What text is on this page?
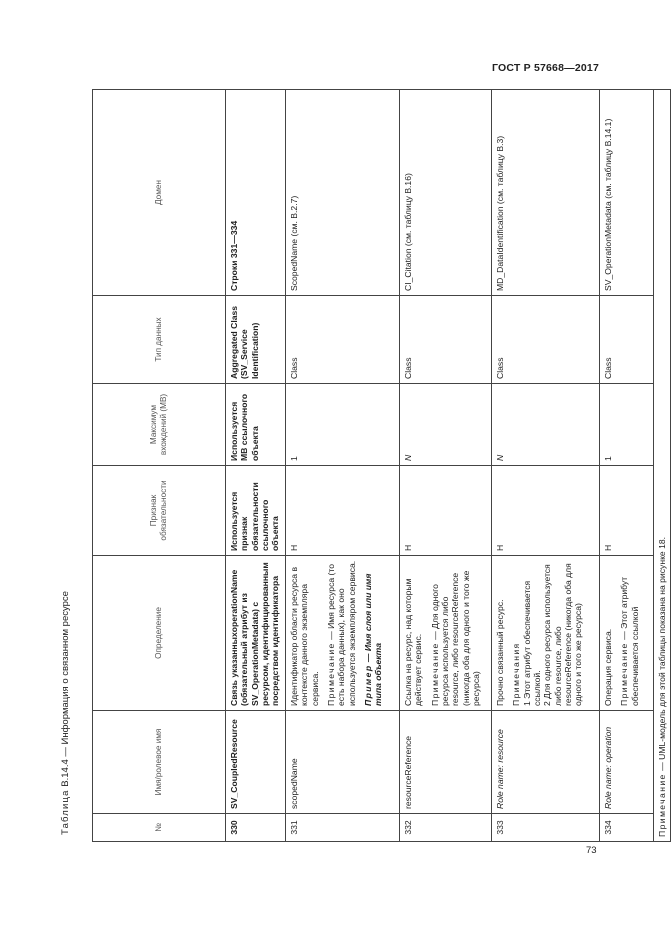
ГОСТ Р 57668—2017
73
Таблица B.14.4 — Информация о связанном ресурсе
№	Имя/ролевое имя	Определение	Признак обязательности	Максимум вхождений (MB)	Тип данных	Домен
330	SV_CoupledResource	Связь указанныхoperationName (обязательный атрибут из SV_OperationMetadata) с ресурсом, идентифицированным посредством идентификатора	Используется признак обязательности ссылочного объекта	Используется MB ссылочного объекта	Aggregated Class (SV_Service Identification)	Строки 331—334
331	scopedName	Идентификатор области ресурса в контексте данного экземпляра сервиса. Примечание — Имя ресурса (то есть набора данных), как оно используется экземпляром сервиса. Пример — Имя слоя или имя типа объекта	Н	1	Class	ScopedName (см. В.2.7)
332	resourceReference	Ссылка на ресурс, над которым действует сервис. Примечание — Для одного ресурса используется либо resource, либо resourceReference (никогда оба для одного и того же ресурса)	Н	N	Class	CI_Citation (см. таблицу В.16)
333	Role name: resource	Прочно связанный ресурс. Примечания 1 Этот атрибут обеспечивается ссылкой. 2 Для одного ресурса используется либо resource, либо resourceReference (никогда оба для одного и того же ресурса)	Н	N	Class	MD_DataIdentification (см. таблицу В.3)
334	Role name: operation	Операция сервиса. Примечание — Этот атрибут обеспечивается ссылкой	Н	1	Class	SV_OperationMetadata (см. таблицу В.14.1)
Примечание — UML-модель для этой таблицы показана на рисунке 18.						
